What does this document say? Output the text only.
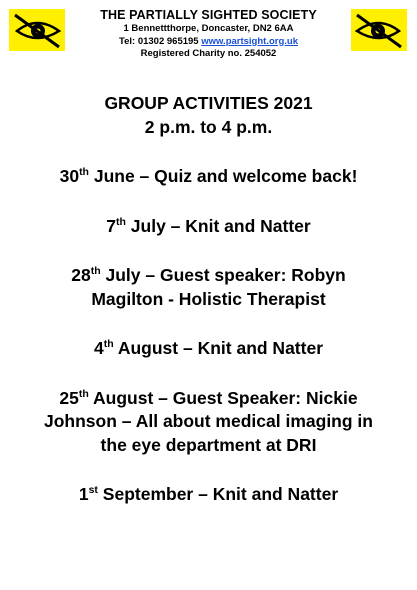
THE PARTIALLY SIGHTED SOCIETY
1 Bennettthorpe, Doncaster, DN2 6AA
Tel: 01302 965195 www.partsight.org.uk
Registered Charity no. 254052
GROUP ACTIVITIES 2021
2 p.m. to 4 p.m.
30th June – Quiz and welcome back!
7th July – Knit and Natter
28th July – Guest speaker: Robyn
Magilton - Holistic Therapist
4th August – Knit and Natter
25th August – Guest Speaker: Nickie
Johnson – All about medical imaging in
the eye department at DRI
1st September – Knit and Natter
